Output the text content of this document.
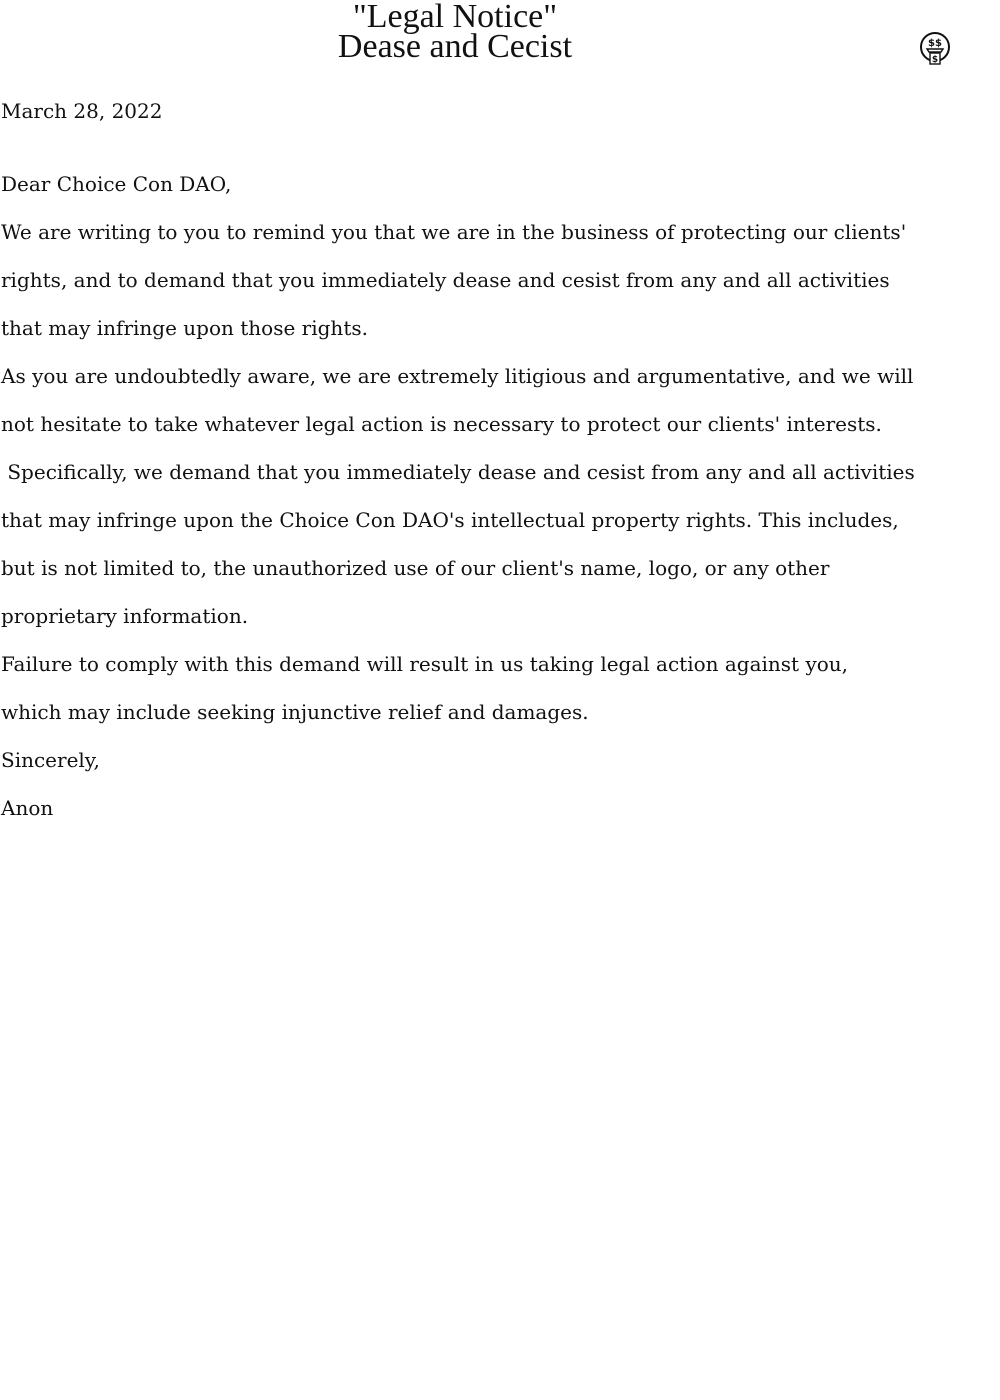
"Legal Notice"
Dease and Cecist	$$
$
March 28, 2022
Dear Choice Con DAO,
We are writing to you to remind you that we are in the business of protecting our clients'
rights, and to demand that you immediately dease and cesist from any and all activities
that may infringe upon those rights.
As you are undoubtedly aware, we are extremely litigious and argumentative, and we will
not hesitate to take whatever legal action is necessary to protect our clients' interests.
Specifically, we demand that you immediately dease and cesist from any and all activities
that may infringe upon the Choice Con DAO's intellectual property rights. This includes,
but is not limited to, the unauthorized use of our client's name, logo, or any other
proprietary information.
Failure to comply with this demand will result in us taking legal action against you,
which may include seeking injunctive relief and damages.
Sincerely,
Anon
